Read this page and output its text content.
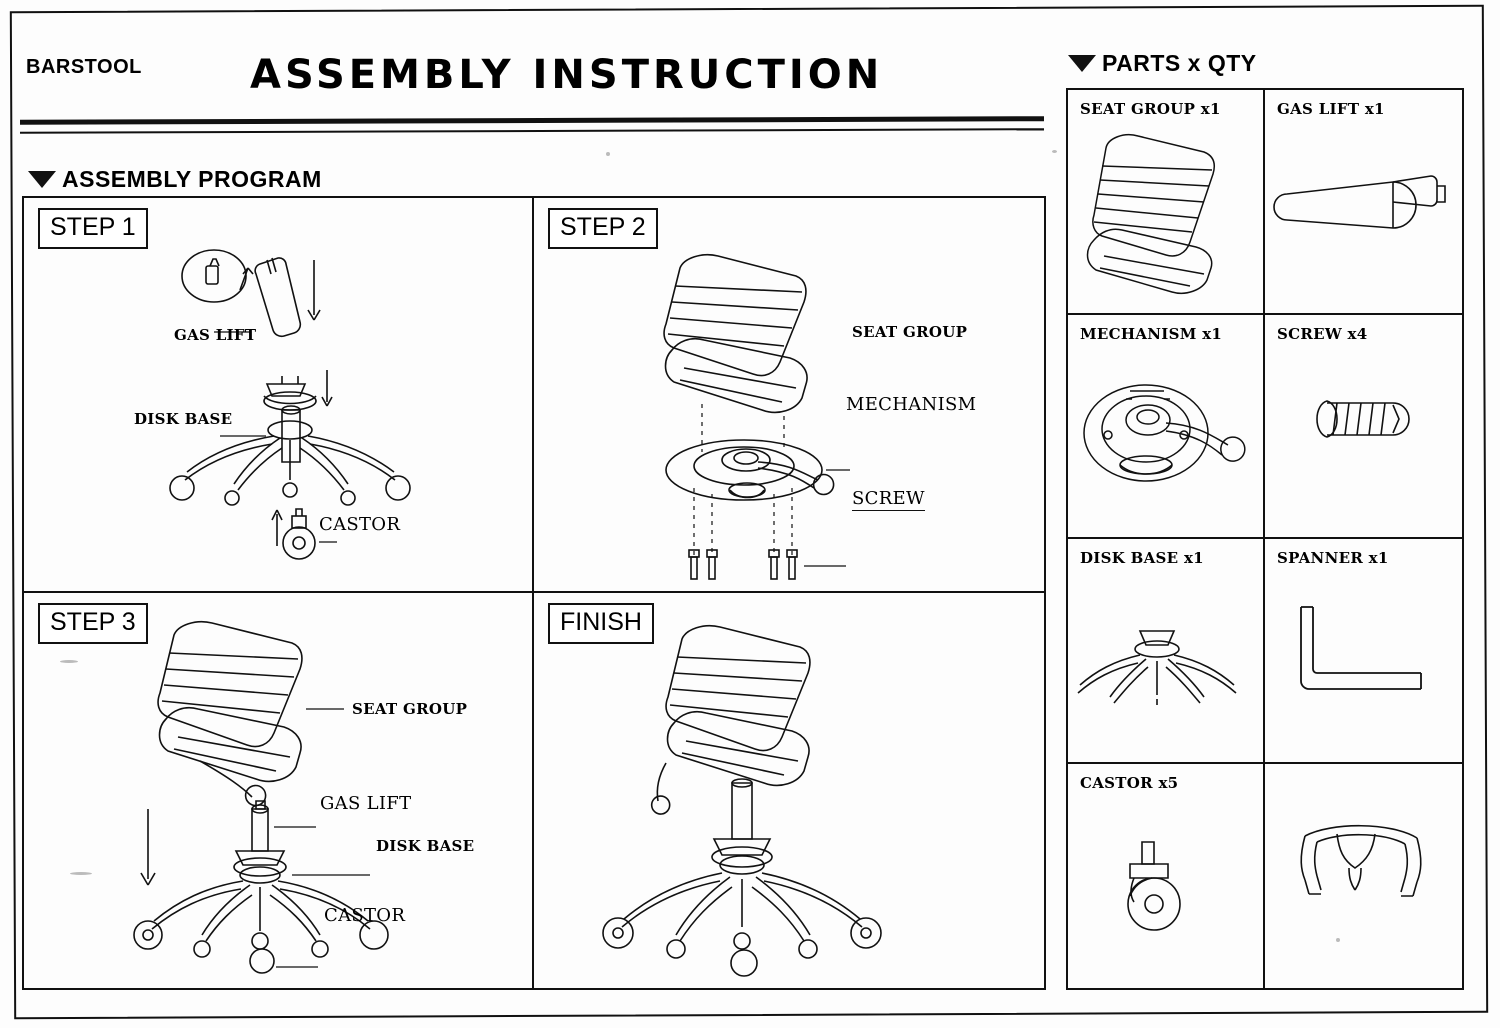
BARSTOOL	ASSEMBLY INSTRUCTION
ASSEMBLY PROGRAM
PARTS x QTY
STEP 1
GAS LIFT
DISK BASE
CASTOR
STEP 2
SEAT GROUP
MECHANISM
SCREW
STEP 3
SEAT GROUP
GAS LIFT
DISK BASE
CASTOR
FINISH
SEAT GROUP x1	GAS LIFT x1
MECHANISM x1	SCREW x4
DISK BASE x1	SPANNER x1
CASTOR x5
